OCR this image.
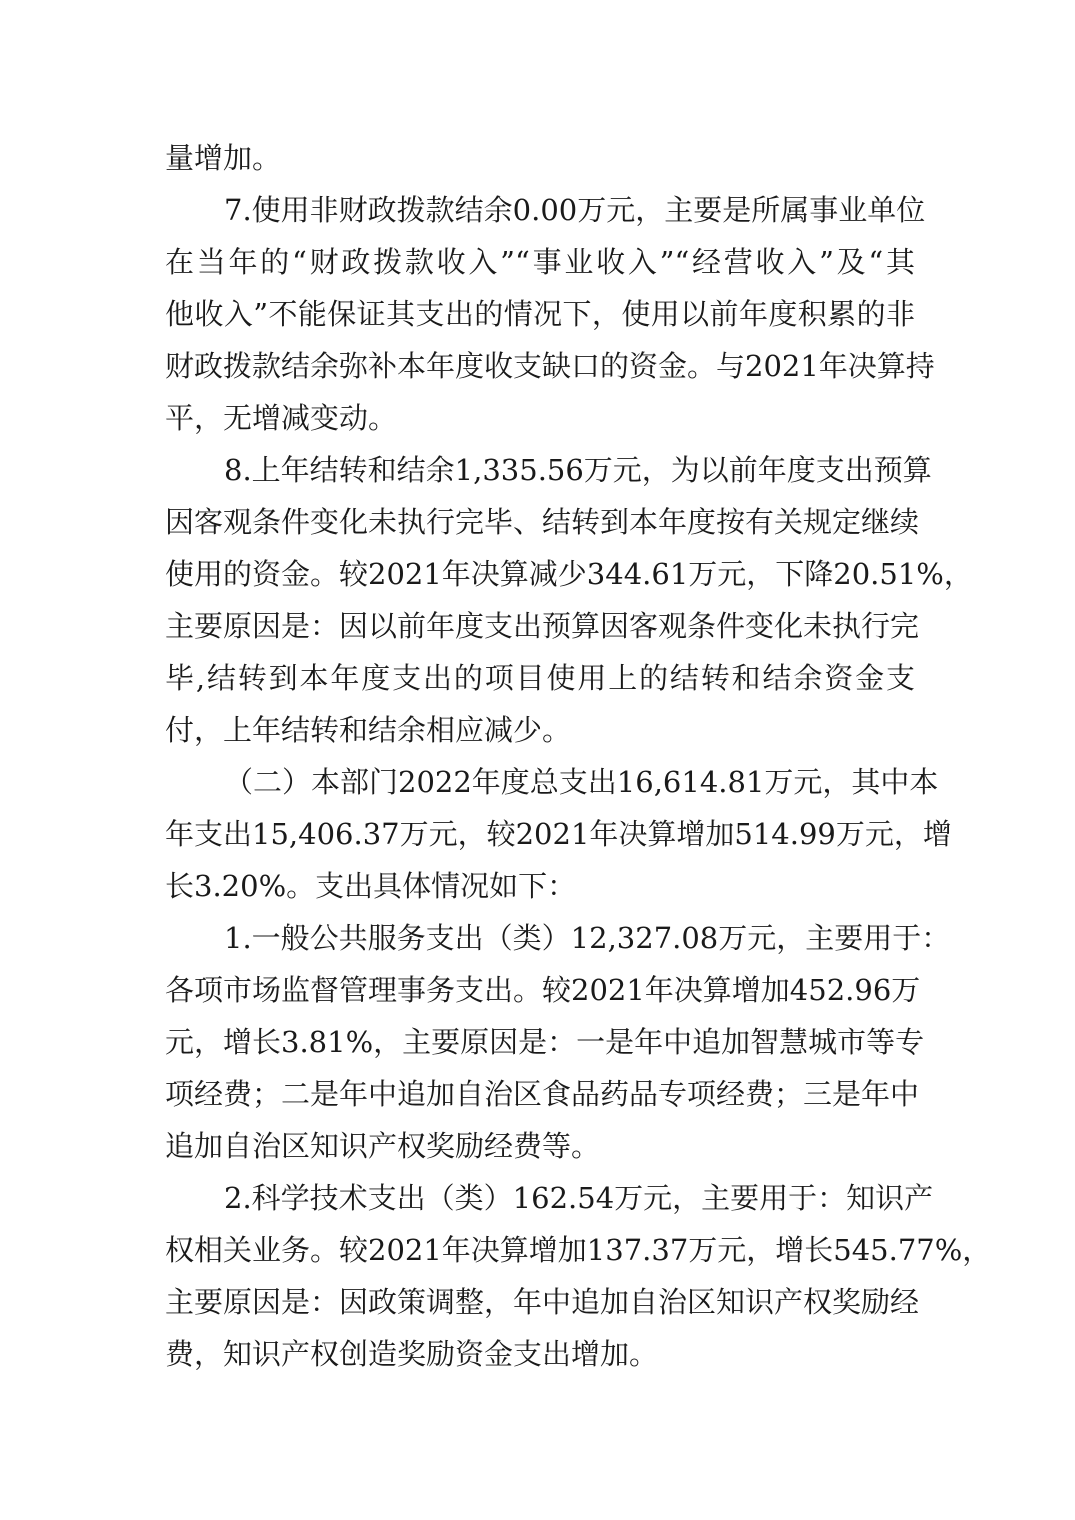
量增加。
7.使用非财政拨款结余0.00万元，主要是所属事业单位
在当年的“财政拨款收入”“事业收入”“经营收入”及“其
他收入”不能保证其支出的情况下，使用以前年度积累的非
财政拨款结余弥补本年度收支缺口的资金。与2021年决算持
平，无增减变动。
8.上年结转和结余1,335.56万元，为以前年度支出预算
因客观条件变化未执行完毕、结转到本年度按有关规定继续
使用的资金。较2021年决算减少344.61万元，下降20.51%，
主要原因是：因以前年度支出预算因客观条件变化未执行完
毕,结转到本年度支出的项目使用上的结转和结余资金支
付，上年结转和结余相应减少。
（二）本部门2022年度总支出16,614.81万元，其中本
年支出15,406.37万元，较2021年决算增加514.99万元，增
长3.20%。支出具体情况如下：
1.一般公共服务支出（类）12,327.08万元，主要用于：
各项市场监督管理事务支出。较2021年决算增加452.96万
元，增长3.81%，主要原因是：一是年中追加智慧城市等专
项经费；二是年中追加自治区食品药品专项经费；三是年中
追加自治区知识产权奖励经费等。
2.科学技术支出（类）162.54万元，主要用于：知识产
权相关业务。较2021年决算增加137.37万元，增长545.77%，
主要原因是：因政策调整，年中追加自治区知识产权奖励经
费，知识产权创造奖励资金支出增加。
